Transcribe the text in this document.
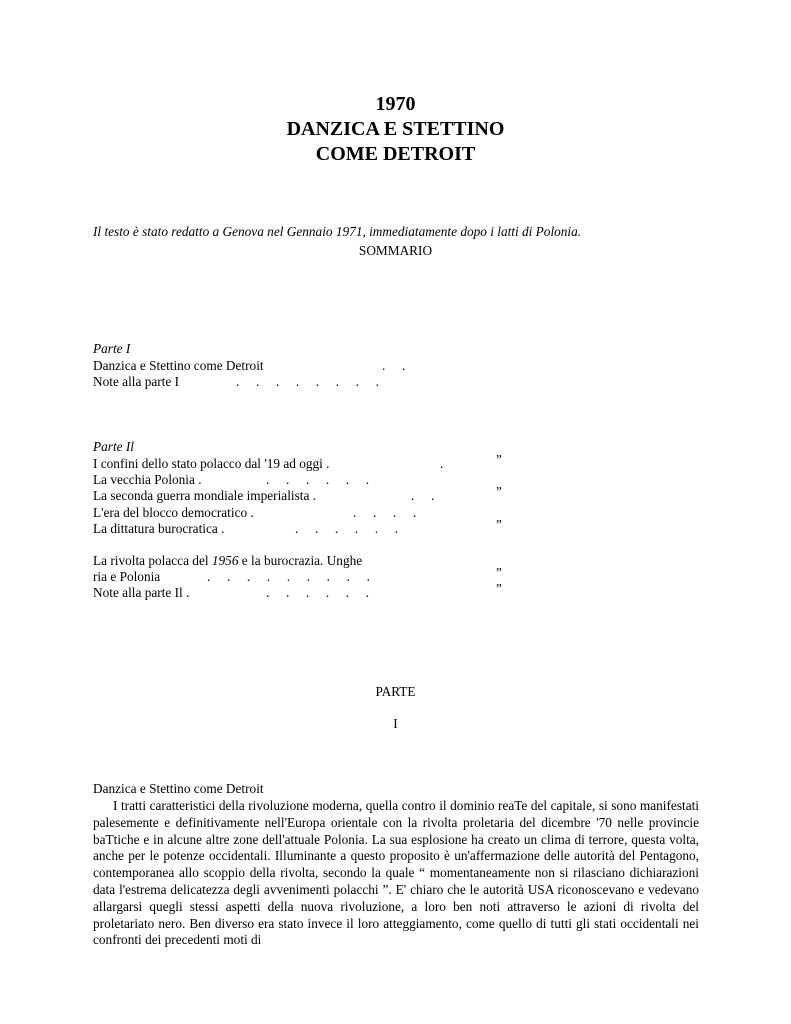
1970
DANZICA E STETTINO
COME DETROIT
Il testo è stato redatto a Genova nel Gennaio 1971, immediatamente dopo i latti di Polonia.
SOMMARIO
Parte I
Danzica e Stettino come Detroit	.     .
Note alla parte I	.     .     .     .     .     .     .     .
Parte Il
I confini dello stato polacco dal '19 ad oggi .	.	”
La vecchia Polonia .	.     .     .     .     .     .
La seconda guerra mondiale imperialista .	.     .	”
L'era del blocco democratico .	.     .     .     .
La dittatura burocratica .	.     .     .     .     .     .	”
La rivolta polacca del 1956 e la burocrazia. Unghe
ria e Polonia	.     .     .     .     .     .     .     .     .	”
Note alla parte Il .	.     .     .     .     .     .	”
PARTE
I
Danzica e Stettino come Detroit

I tratti caratteristici della rivoluzione moderna, quella contro il dominio reaTe del capitale, si sono manifestati palesemente e definitivamente nell'Europa orientale con la rivolta proletaria del dicembre '70 nelle provincie baTtiche e in alcune altre zone dell'attuale Polonia. La sua esplosione ha creato un clima di terrore, questa volta, anche per le potenze occidentali. Illuminante a questo proposito è un'affermazione delle autorità del Pentagono, contemporanea allo scoppio della rivolta, secondo la quale “ momentaneamente non si rilasciano dichiarazioni data l'estrema delicatezza degli avvenimenti polacchi ”. E' chiaro che le autorità USA riconoscevano e vedevano allargarsi quegli stessi aspetti della nuova rivoluzione, a loro ben noti attraverso le azioni di rivolta del proletariato nero. Ben diverso era stato invece il loro atteggiamento, come quello di tutti gli stati occidentali nei confronti dei precedenti moti di
